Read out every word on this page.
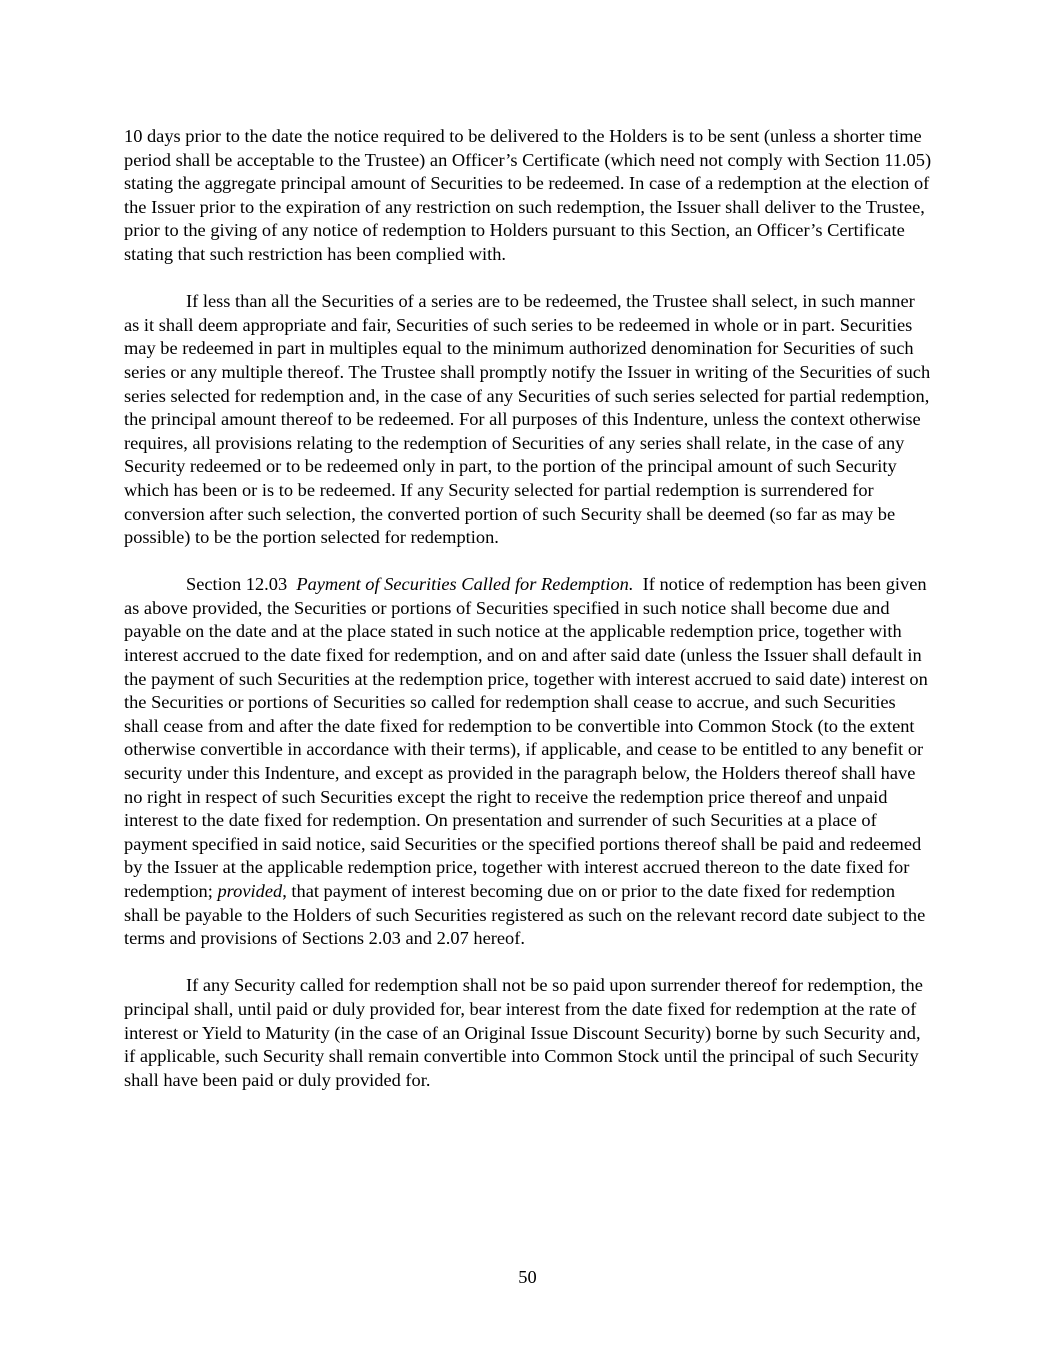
10 days prior to the date the notice required to be delivered to the Holders is to be sent (unless a shorter time period shall be acceptable to the Trustee) an Officer’s Certificate (which need not comply with Section 11.05) stating the aggregate principal amount of Securities to be redeemed. In case of a redemption at the election of the Issuer prior to the expiration of any restriction on such redemption, the Issuer shall deliver to the Trustee, prior to the giving of any notice of redemption to Holders pursuant to this Section, an Officer’s Certificate stating that such restriction has been complied with.

If less than all the Securities of a series are to be redeemed, the Trustee shall select, in such manner as it shall deem appropriate and fair, Securities of such series to be redeemed in whole or in part. Securities may be redeemed in part in multiples equal to the minimum authorized denomination for Securities of such series or any multiple thereof. The Trustee shall promptly notify the Issuer in writing of the Securities of such series selected for redemption and, in the case of any Securities of such series selected for partial redemption, the principal amount thereof to be redeemed. For all purposes of this Indenture, unless the context otherwise requires, all provisions relating to the redemption of Securities of any series shall relate, in the case of any Security redeemed or to be redeemed only in part, to the portion of the principal amount of such Security which has been or is to be redeemed. If any Security selected for partial redemption is surrendered for conversion after such selection, the converted portion of such Security shall be deemed (so far as may be possible) to be the portion selected for redemption.

Section 12.03 Payment of Securities Called for Redemption. If notice of redemption has been given as above provided, the Securities or portions of Securities specified in such notice shall become due and payable on the date and at the place stated in such notice at the applicable redemption price, together with interest accrued to the date fixed for redemption, and on and after said date (unless the Issuer shall default in the payment of such Securities at the redemption price, together with interest accrued to said date) interest on the Securities or portions of Securities so called for redemption shall cease to accrue, and such Securities shall cease from and after the date fixed for redemption to be convertible into Common Stock (to the extent otherwise convertible in accordance with their terms), if applicable, and cease to be entitled to any benefit or security under this Indenture, and except as provided in the paragraph below, the Holders thereof shall have no right in respect of such Securities except the right to receive the redemption price thereof and unpaid interest to the date fixed for redemption. On presentation and surrender of such Securities at a place of payment specified in said notice, said Securities or the specified portions thereof shall be paid and redeemed by the Issuer at the applicable redemption price, together with interest accrued thereon to the date fixed for redemption; provided, that payment of interest becoming due on or prior to the date fixed for redemption shall be payable to the Holders of such Securities registered as such on the relevant record date subject to the terms and provisions of Sections 2.03 and 2.07 hereof.

If any Security called for redemption shall not be so paid upon surrender thereof for redemption, the principal shall, until paid or duly provided for, bear interest from the date fixed for redemption at the rate of interest or Yield to Maturity (in the case of an Original Issue Discount Security) borne by such Security and, if applicable, such Security shall remain convertible into Common Stock until the principal of such Security shall have been paid or duly provided for.

50
